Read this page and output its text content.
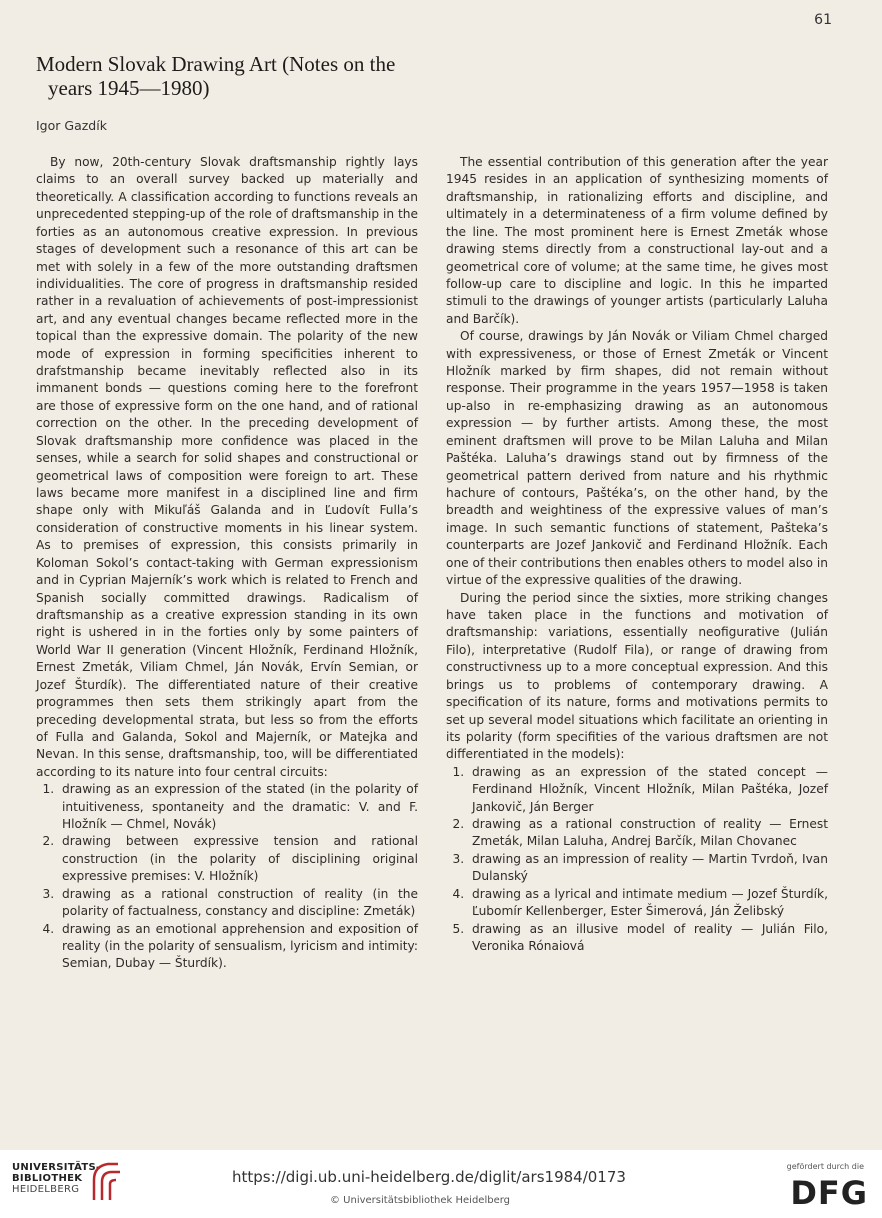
61
Modern Slovak Drawing Art (Notes on the
years 1945—1980)
Igor Gazdík

By now, 20th-century Slovak draftsmanship rightly lays claims to an overall survey backed up materially and theoretically. A classification according to functions reveals an unprecedented stepping-up of the role of draftsmanship in the forties as an autonomous creative expression. In previous stages of development such a resonance of this art can be met with solely in a few of the more outstanding draftsmen individualities. The core of progress in draftsmanship resided rather in a revaluation of achievements of post-impressionist art, and any eventual changes became reflected more in the topical than the expressive domain. The polarity of the new mode of expression in forming specificities inherent to drafstmanship became inevitably reflected also in its immanent bonds — questions coming here to the forefront are those of expressive form on the one hand, and of rational correction on the other. In the preceding development of Slovak draftsmanship more confidence was placed in the senses, while a search for solid shapes and constructional or geometrical laws of composition were foreign to art. These laws became more manifest in a disciplined line and firm shape only with Mikuľáš Galanda and in Ľudovít Fulla’s consideration of constructive moments in his linear system. As to premises of expression, this consists primarily in Koloman Sokol’s contact-taking with German expressionism and in Cyprian Majerník’s work which is related to French and Spanish socially committed drawings. Radicalism of draftsmanship as a creative expression standing in its own right is ushered in in the forties only by some painters of World War II generation (Vincent Hložník, Ferdinand Hložník, Ernest Zmeták, Viliam Chmel, Ján Novák, Ervín Semian, or Jozef Šturdík). The differentiated nature of their creative programmes then sets them strikingly apart from the preceding developmental strata, but less so from the efforts of Fulla and Galanda, Sokol and Majerník, or Matejka and Nevan. In this sense, draftsmanship, too, will be differentiated according to its nature into four central circuits:

1. drawing as an expression of the stated (in the polarity of intuitiveness, spontaneity and the dramatic: V. and F. Hložník — Chmel, Novák)
2. drawing between expressive tension and rational construction (in the polarity of disciplining original expressive premises: V. Hložník)
3. drawing as a rational construction of reality (in the polarity of factualness, constancy and discipline: Zmeták)
4. drawing as an emotional apprehension and exposition of reality (in the polarity of sensualism, lyricism and intimity: Semian, Dubay — Šturdík).

The essential contribution of this generation after the year 1945 resides in an application of synthesizing moments of draftsmanship, in rationalizing efforts and discipline, and ultimately in a determinateness of a firm volume defined by the line. The most prominent here is Ernest Zmeták whose drawing stems directly from a constructional lay-out and a geometrical core of volume; at the same time, he gives most follow-up care to discipline and logic. In this he imparted stimuli to the drawings of younger artists (particularly Laluha and Barčík).

Of course, drawings by Ján Novák or Viliam Chmel charged with expressiveness, or those of Ernest Zmeták or Vincent Hložník marked by firm shapes, did not remain without response. Their programme in the years 1957—1958 is taken up-also in re-emphasizing drawing as an autonomous expression — by further artists. Among these, the most eminent draftsmen will prove to be Milan Laluha and Milan Paštéka. Laluha’s drawings stand out by firmness of the geometrical pattern derived from nature and his rhythmic hachure of contours, Paštéka’s, on the other hand, by the breadth and weightiness of the expressive values of man’s image. In such semantic functions of statement, Pašteka’s counterparts are Jozef Jankovič and Ferdinand Hložník. Each one of their contributions then enables others to model also in virtue of the expressive qualities of the drawing.

During the period since the sixties, more striking changes have taken place in the functions and motivation of draftsmanship: variations, essentially neofigurative (Julián Filo), interpretative (Rudolf Fila), or range of drawing from constructivness up to a more conceptual expression. And this brings us to problems of contemporary drawing. A specification of its nature, forms and motivations permits to set up several model situations which facilitate an orienting in its polarity (form specifities of the various draftsmen are not differentiated in the models):

1. drawing as an expression of the stated concept — Ferdinand Hložník, Vincent Hložník, Milan Paštéka, Jozef Jankovič, Ján Berger
2. drawing as a rational construction of reality — Ernest Zmeták, Milan Laluha, Andrej Barčík, Milan Chovanec
3. drawing as an impression of reality — Martin Tvrdoň, Ivan Dulanský
4. drawing as a lyrical and intimate medium — Jozef Šturdík, Ľubomír Kellenberger, Ester Šimerová, Ján Želibský
5. drawing as an illusive model of reality — Julián Filo, Veronika Rónaiová
UNIVERSITÄTS-
BIBLIOTHEK
HEIDELBERG
https://digi.ub.uni-heidelberg.de/diglit/ars1984/0173
© Universitätsbibliothek Heidelberg
gefördert durch die
DFG
